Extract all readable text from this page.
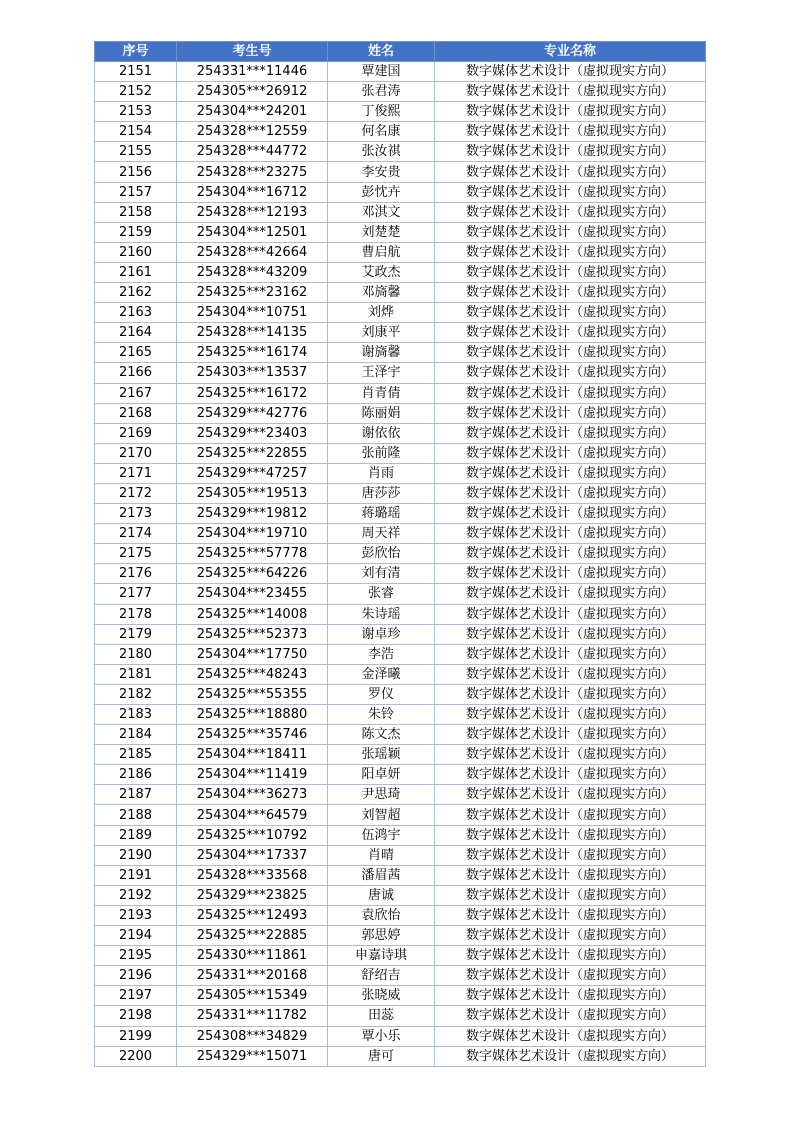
序号	考生号	姓名	专业名称
2151	254331***11446	覃建国	数字媒体艺术设计（虚拟现实方向）
2152	254305***26912	张君涛	数字媒体艺术设计（虚拟现实方向）
2153	254304***24201	丁俊熙	数字媒体艺术设计（虚拟现实方向）
2154	254328***12559	何名康	数字媒体艺术设计（虚拟现实方向）
2155	254328***44772	张汝祺	数字媒体艺术设计（虚拟现实方向）
2156	254328***23275	李安贵	数字媒体艺术设计（虚拟现实方向）
2157	254304***16712	彭忱卉	数字媒体艺术设计（虚拟现实方向）
2158	254328***12193	邓淇文	数字媒体艺术设计（虚拟现实方向）
2159	254304***12501	刘楚楚	数字媒体艺术设计（虚拟现实方向）
2160	254328***42664	曹启航	数字媒体艺术设计（虚拟现实方向）
2161	254328***43209	艾政杰	数字媒体艺术设计（虚拟现实方向）
2162	254325***23162	邓旖馨	数字媒体艺术设计（虚拟现实方向）
2163	254304***10751	刘烨	数字媒体艺术设计（虚拟现实方向）
2164	254328***14135	刘康平	数字媒体艺术设计（虚拟现实方向）
2165	254325***16174	谢旖馨	数字媒体艺术设计（虚拟现实方向）
2166	254303***13537	王泽宇	数字媒体艺术设计（虚拟现实方向）
2167	254325***16172	肖青倩	数字媒体艺术设计（虚拟现实方向）
2168	254329***42776	陈丽娟	数字媒体艺术设计（虚拟现实方向）
2169	254329***23403	谢依依	数字媒体艺术设计（虚拟现实方向）
2170	254325***22855	张前隆	数字媒体艺术设计（虚拟现实方向）
2171	254329***47257	肖雨	数字媒体艺术设计（虚拟现实方向）
2172	254305***19513	唐莎莎	数字媒体艺术设计（虚拟现实方向）
2173	254329***19812	蒋璐瑶	数字媒体艺术设计（虚拟现实方向）
2174	254304***19710	周天祥	数字媒体艺术设计（虚拟现实方向）
2175	254325***57778	彭欣怡	数字媒体艺术设计（虚拟现实方向）
2176	254325***64226	刘有清	数字媒体艺术设计（虚拟现实方向）
2177	254304***23455	张睿	数字媒体艺术设计（虚拟现实方向）
2178	254325***14008	朱诗瑶	数字媒体艺术设计（虚拟现实方向）
2179	254325***52373	谢卓珍	数字媒体艺术设计（虚拟现实方向）
2180	254304***17750	李浩	数字媒体艺术设计（虚拟现实方向）
2181	254325***48243	金泽曦	数字媒体艺术设计（虚拟现实方向）
2182	254325***55355	罗仪	数字媒体艺术设计（虚拟现实方向）
2183	254325***18880	朱铃	数字媒体艺术设计（虚拟现实方向）
2184	254325***35746	陈文杰	数字媒体艺术设计（虚拟现实方向）
2185	254304***18411	张瑶颖	数字媒体艺术设计（虚拟现实方向）
2186	254304***11419	阳卓妍	数字媒体艺术设计（虚拟现实方向）
2187	254304***36273	尹思琦	数字媒体艺术设计（虚拟现实方向）
2188	254304***64579	刘智超	数字媒体艺术设计（虚拟现实方向）
2189	254325***10792	伍鸿宇	数字媒体艺术设计（虚拟现实方向）
2190	254304***17337	肖晴	数字媒体艺术设计（虚拟现实方向）
2191	254328***33568	潘眉茜	数字媒体艺术设计（虚拟现实方向）
2192	254329***23825	唐诚	数字媒体艺术设计（虚拟现实方向）
2193	254325***12493	袁欣怡	数字媒体艺术设计（虚拟现实方向）
2194	254325***22885	郭思婷	数字媒体艺术设计（虚拟现实方向）
2195	254330***11861	申嘉诗琪	数字媒体艺术设计（虚拟现实方向）
2196	254331***20168	舒绍吉	数字媒体艺术设计（虚拟现实方向）
2197	254305***15349	张晓威	数字媒体艺术设计（虚拟现实方向）
2198	254331***11782	田蕊	数字媒体艺术设计（虚拟现实方向）
2199	254308***34829	覃小乐	数字媒体艺术设计（虚拟现实方向）
2200	254329***15071	唐可	数字媒体艺术设计（虚拟现实方向）
